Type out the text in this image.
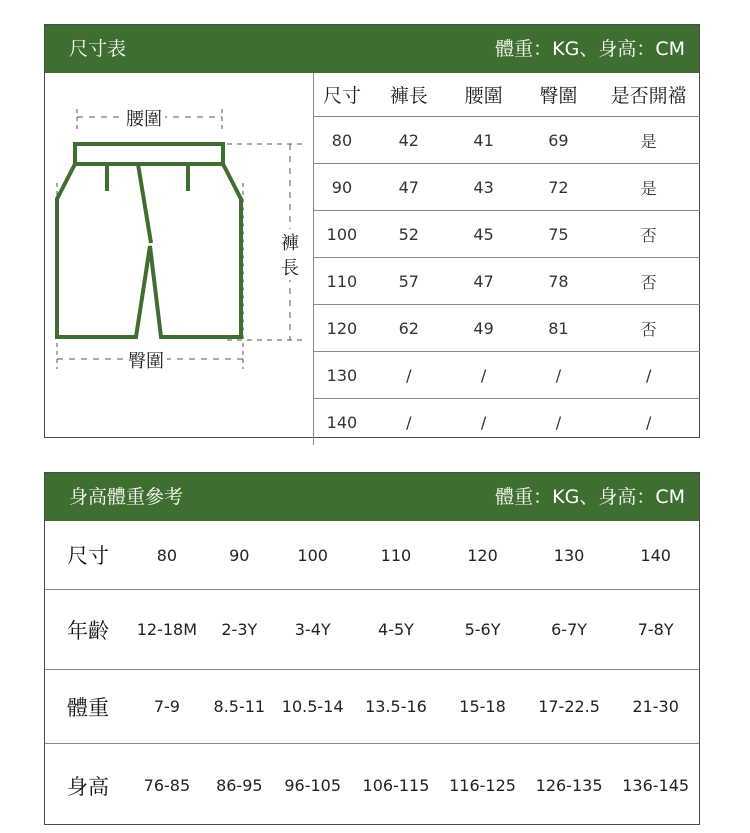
尺寸表	體重：KG、身高：CM
腰圍
褲
長
臀圍
尺寸	褲長	腰圍	臀圍	是否開襠
80	42	41	69	是
90	47	43	72	是
100	52	45	75	否
110	57	47	78	否
120	62	49	81	否
130	/	/	/	/
140	/	/	/	/
身高體重參考	體重：KG、身高：CM
尺寸	80	90	100	110	120	130	140
年齡	12-18M	2-3Y	3-4Y	4-5Y	5-6Y	6-7Y	7-8Y
體重	7-9	8.5-11	10.5-14	13.5-16	15-18	17-22.5	21-30
身高	76-85	86-95	96-105	106-115	116-125	126-135	136-145
